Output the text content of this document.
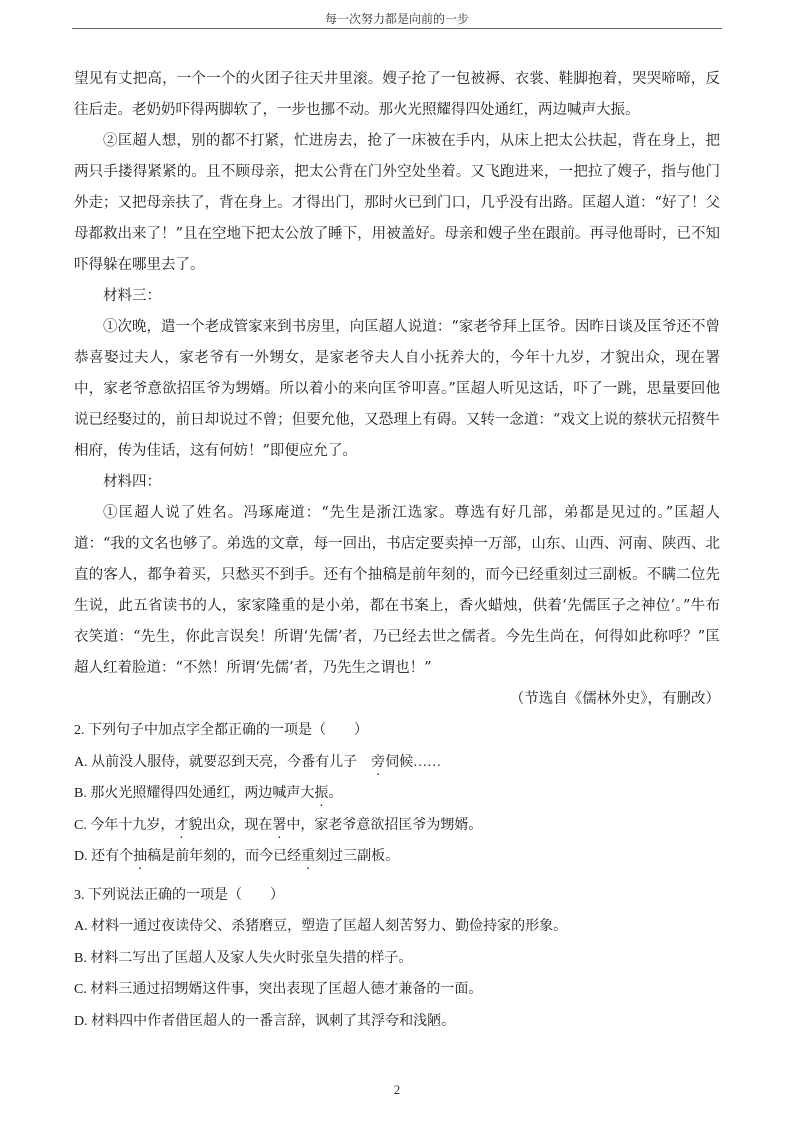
每一次努力都是向前的一步

望见有丈把高，一个一个的火团子往天井里滚。嫂子抢了一包被褥、衣裳、鞋脚抱着，哭哭啼啼，反往后走。老奶奶吓得两脚软了，一步也挪不动。那火光照耀得四处通红，两边喊声大振。

②匡超人想，别的都不打紧，忙进房去，抢了一床被在手内，从床上把太公扶起，背在身上，把两只手搂得紧紧的。且不顾母亲，把太公背在门外空处坐着。又飞跑进来，一把拉了嫂子，指与他门外走；又把母亲扶了，背在身上。才得出门，那时火已到门口，几乎没有出路。匡超人道：“好了！父母都救出来了！”且在空地下把太公放了睡下，用被盖好。母亲和嫂子坐在跟前。再寻他哥时，已不知吓得躲在哪里去了。

材料三：

①次晚，遣一个老成管家来到书房里，向匡超人说道：“家老爷拜上匡爷。因昨日谈及匡爷还不曾恭喜娶过夫人，家老爷有一外甥女，是家老爷夫人自小抚养大的，今年十九岁，才貌出众，现在署中，家老爷意欲招匡爷为甥婿。所以着小的来向匡爷叩喜。”匡超人听见这话，吓了一跳，思量要回他说已经娶过的，前日却说过不曾；但要允他，又恐理上有碍。又转一念道：“戏文上说的蔡状元招赘牛相府，传为佳话，这有何妨！”即便应允了。

材料四：

①匡超人说了姓名。冯琢庵道：“先生是浙江选家。尊选有好几部，弟都是见过的。”匡超人道：“我的文名也够了。弟选的文章，每一回出，书店定要卖掉一万部，山东、山西、河南、陕西、北直的客人，都争着买，只愁买不到手。还有个抽稿是前年刻的，而今已经重刻过三副板。不瞒二位先生说，此五省读书的人，家家隆重的是小弟，都在书案上，香火蜡烛，供着‘先儒匡子之神位’。”牛布衣笑道：“先生，你此言误矣！所谓‘先儒’者，乃已经去世之儒者。今先生尚在，何得如此称呼？”匡超人红着脸道：“不然！所谓‘先儒’者，乃先生之谓也！”

（节选自《儒林外史》，有删改）

2. 下列句子中加点字全都正确的一项是（　　）

A. 从前没人服侍，就要忍到天亮，今番有儿子　旁伺候……

B. 那火光照耀得四处通红，两边喊声大振。

C. 今年十九岁，才貌出众，现在署中，家老爷意欲招匡爷为甥婿。

D. 还有个抽稿是前年刻的，而今已经重刻过三副板。

3. 下列说法正确的一项是（　　）

A. 材料一通过夜读侍父、杀猪磨豆，塑造了匡超人刻苦努力、勤俭持家的形象。

B. 材料二写出了匡超人及家人失火时张皇失措的样子。

C. 材料三通过招甥婿这件事，突出表现了匡超人德才兼备的一面。

D. 材料四中作者借匡超人的一番言辞，讽刺了其浮夸和浅陋。

2
